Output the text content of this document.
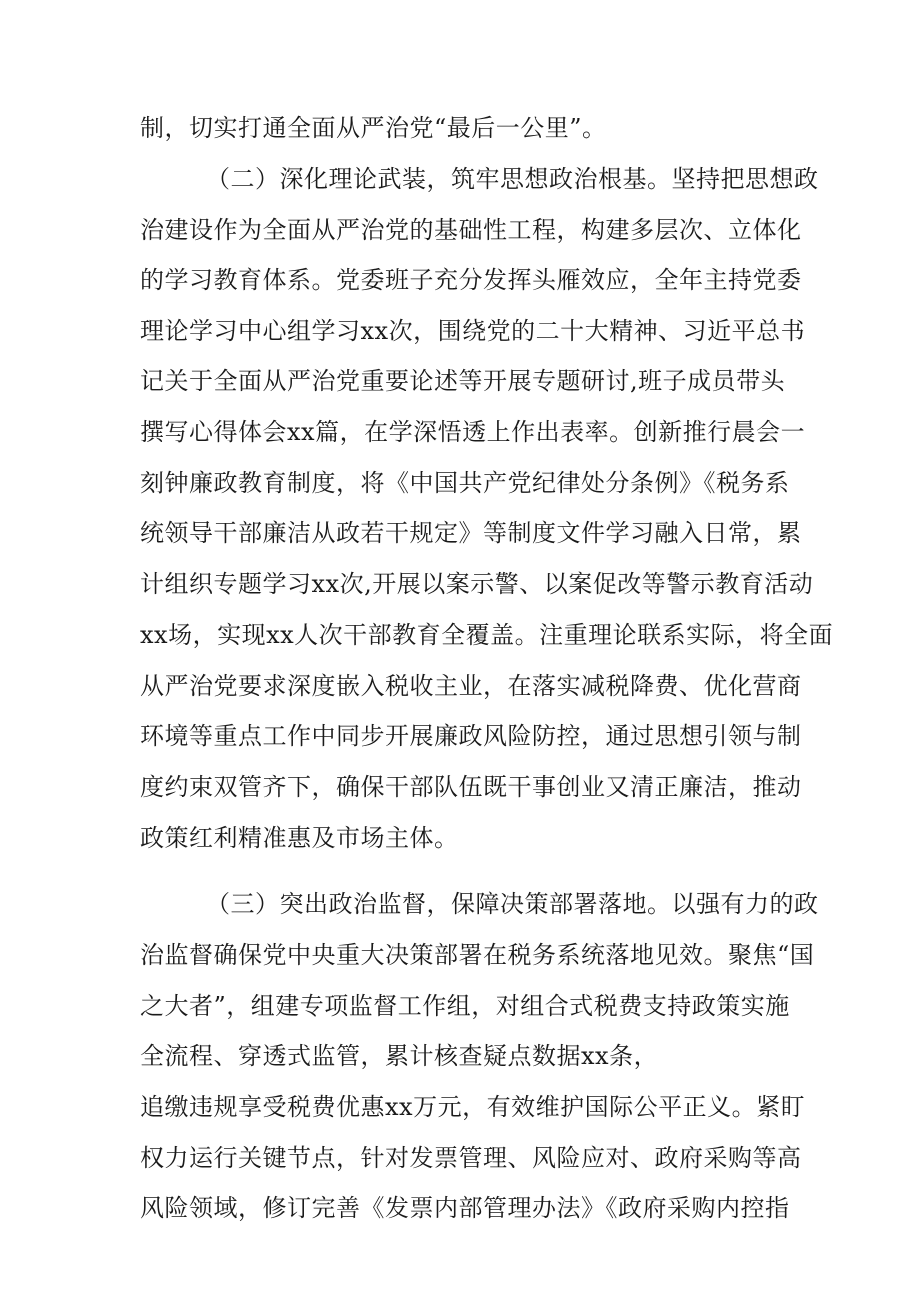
制，切实打通全面从严治党“最后一公里”。
（二）深化理论武装，筑牢思想政治根基。坚持把思想政
治建设作为全面从严治党的基础性工程，构建多层次、立体化
的学习教育体系。党委班子充分发挥头雁效应，全年主持党委
理论学习中心组学习xx次，围绕党的二十大精神、习近平总书
记关于全面从严治党重要论述等开展专题研讨,班子成员带头
撰写心得体会xx篇，在学深悟透上作出表率。创新推行晨会一
刻钟廉政教育制度，将《中国共产党纪律处分条例》《税务系
统领导干部廉洁从政若干规定》等制度文件学习融入日常，累
计组织专题学习xx次,开展以案示警、以案促改等警示教育活动
xx场，实现xx人次干部教育全覆盖。注重理论联系实际，将全面
从严治党要求深度嵌入税收主业，在落实减税降费、优化营商
环境等重点工作中同步开展廉政风险防控，通过思想引领与制
度约束双管齐下，确保干部队伍既干事创业又清正廉洁，推动
政策红利精准惠及市场主体。
（三）突出政治监督，保障决策部署落地。以强有力的政
治监督确保党中央重大决策部署在税务系统落地见效。聚焦“国
之大者”，组建专项监督工作组，对组合式税费支持政策实施
全流程、穿透式监管，累计核查疑点数据xx条，
追缴违规享受税费优惠xx万元，有效维护国际公平正义。紧盯
权力运行关键节点，针对发票管理、风险应对、政府采购等高
风险领域，修订完善《发票内部管理办法》《政府采购内控指
